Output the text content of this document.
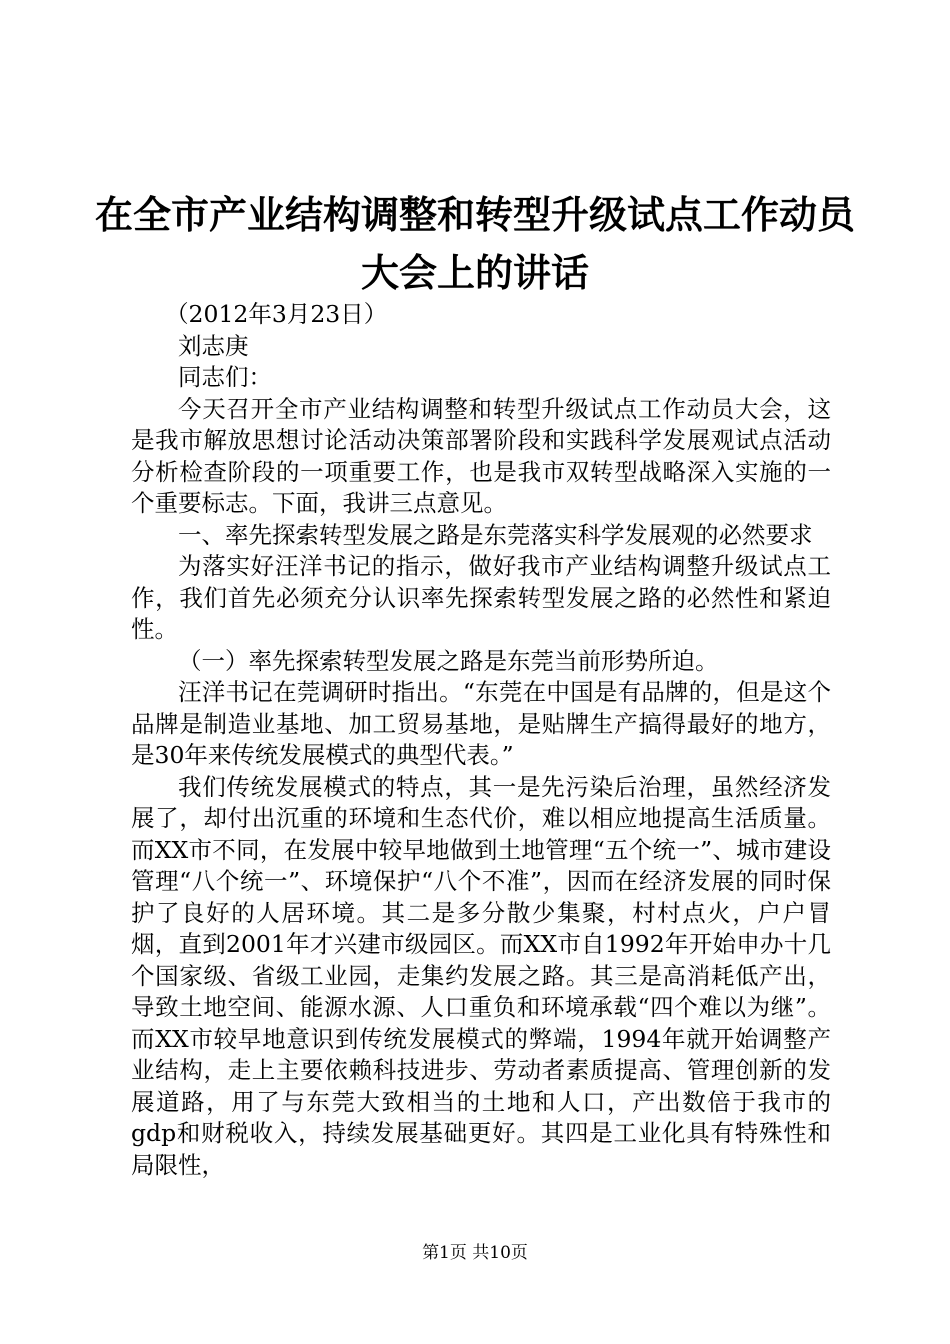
在全市产业结构调整和转型升级试点工作动员
大会上的讲话

（2012年3月23日）

刘志庚

同志们：

今天召开全市产业结构调整和转型升级试点工作动员大会，这是我市解放思想讨论活动决策部署阶段和实践科学发展观试点活动分析检查阶段的一项重要工作，也是我市双转型战略深入实施的一个重要标志。下面，我讲三点意见。

一、率先探索转型发展之路是东莞落实科学发展观的必然要求

为落实好汪洋书记的指示，做好我市产业结构调整升级试点工作，我们首先必须充分认识率先探索转型发展之路的必然性和紧迫性。

（一）率先探索转型发展之路是东莞当前形势所迫。

汪洋书记在莞调研时指出。“东莞在中国是有品牌的，但是这个品牌是制造业基地、加工贸易基地，是贴牌生产搞得最好的地方，是30年来传统发展模式的典型代表。”

我们传统发展模式的特点，其一是先污染后治理，虽然经济发展了，却付出沉重的环境和生态代价，难以相应地提高生活质量。而XX市不同，在发展中较早地做到土地管理“五个统一”、城市建设管理“八个统一”、环境保护“八个不准”，因而在经济发展的同时保护了良好的人居环境。其二是多分散少集聚，村村点火，户户冒烟，直到2001年才兴建市级园区。而XX市自1992年开始申办十几个国家级、省级工业园，走集约发展之路。其三是高消耗低产出，导致土地空间、能源水源、人口重负和环境承载“四个难以为继”。而XX市较早地意识到传统发展模式的弊端，1994年就开始调整产业结构，走上主要依赖科技进步、劳动者素质提高、管理创新的发展道路，用了与东莞大致相当的土地和人口，产出数倍于我市的gdp和财税收入，持续发展基础更好。其四是工业化具有特殊性和局限性，

第1页 共10页
